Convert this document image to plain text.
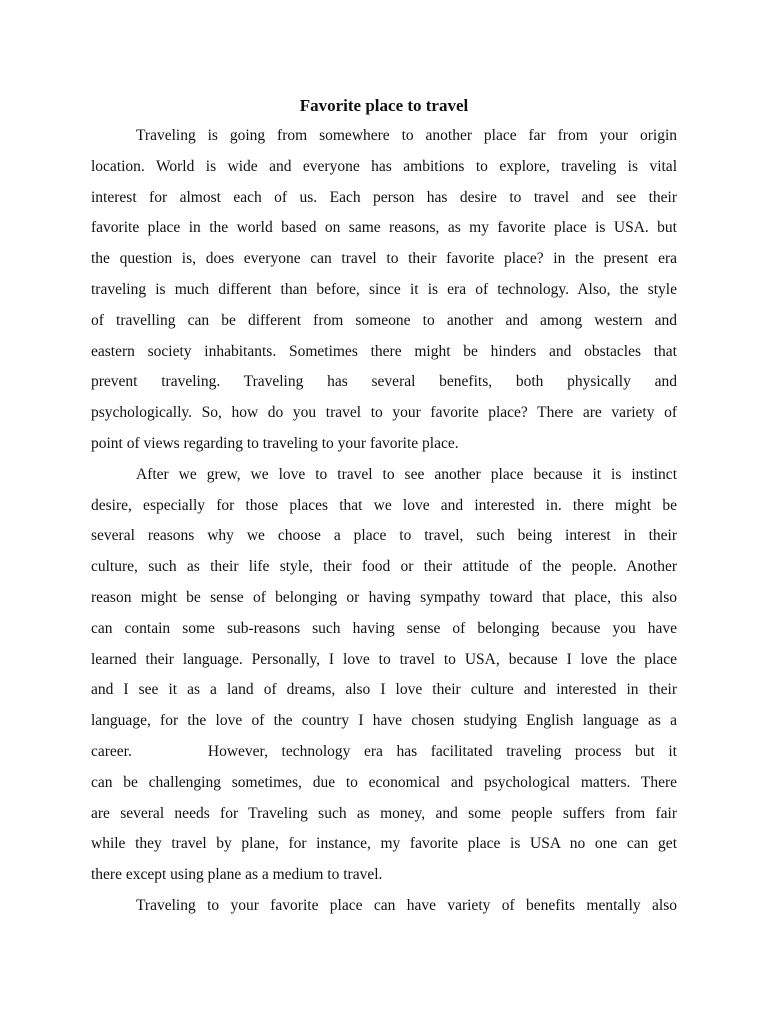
Favorite place to travel
Traveling is going from somewhere to another place far from your origin
location. World is wide and everyone has ambitions to explore, traveling is vital
interest for almost each of us. Each person has desire to travel and see their
favorite place in the world based on same reasons, as my favorite place is USA. but
the question is, does everyone can travel to their favorite place? in the present era
traveling is much different than before, since it is era of technology. Also, the style
of travelling can be different from someone to another and among western and
eastern society inhabitants. Sometimes there might be hinders and obstacles that
prevent traveling. Traveling has several benefits, both physically and
psychologically. So, how do you travel to your favorite place? There are variety of
point of views regarding to traveling to your favorite place.
After we grew, we love to travel to see another place because it is instinct
desire, especially for those places that we love and interested in. there might be
several reasons why we choose a place to travel, such being interest in their
culture, such as their life style, their food or their attitude of the people. Another
reason might be sense of belonging or having sympathy toward that place, this also
can contain some sub-reasons such having sense of belonging because you have
learned their language. Personally, I love to travel to USA, because I love the place
and I see it as a land of dreams, also I love their culture and interested in their
language, for the love of the country I have chosen studying English language as a
career.	However, technology era has facilitated traveling process but it
can be challenging sometimes, due to economical and psychological matters. There
are several needs for Traveling such as money, and some people suffers from fair
while they travel by plane, for instance, my favorite place is USA no one can get
there except using plane as a medium to travel.
Traveling to your favorite place can have variety of benefits mentally also
